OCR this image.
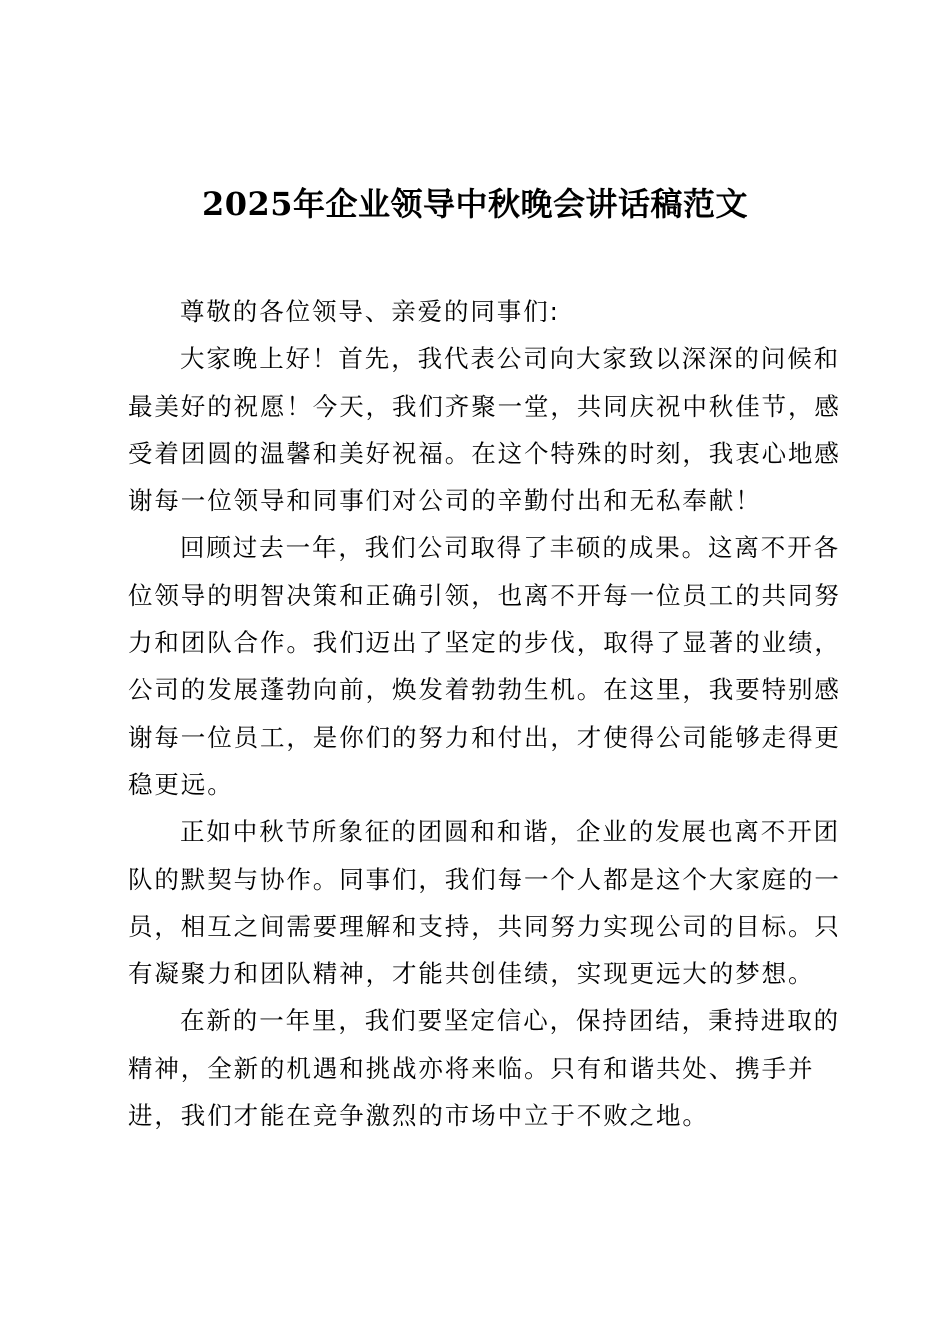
2025年企业领导中秋晚会讲话稿范文
尊敬的各位领导、亲爱的同事们:
大家晚上好！首先，我代表公司向大家致以深深的问候和
最美好的祝愿！今天，我们齐聚一堂，共同庆祝中秋佳节，感
受着团圆的温馨和美好祝福。在这个特殊的时刻，我衷心地感
谢每一位领导和同事们对公司的辛勤付出和无私奉献！
回顾过去一年，我们公司取得了丰硕的成果。这离不开各
位领导的明智决策和正确引领，也离不开每一位员工的共同努
力和团队合作。我们迈出了坚定的步伐，取得了显著的业绩，
公司的发展蓬勃向前，焕发着勃勃生机。在这里，我要特别感
谢每一位员工，是你们的努力和付出，才使得公司能够走得更
稳更远。
正如中秋节所象征的团圆和和谐，企业的发展也离不开团
队的默契与协作。同事们，我们每一个人都是这个大家庭的一
员，相互之间需要理解和支持，共同努力实现公司的目标。只
有凝聚力和团队精神，才能共创佳绩，实现更远大的梦想。
在新的一年里，我们要坚定信心，保持团结，秉持进取的
精神，全新的机遇和挑战亦将来临。只有和谐共处、携手并
进，我们才能在竞争激烈的市场中立于不败之地。
